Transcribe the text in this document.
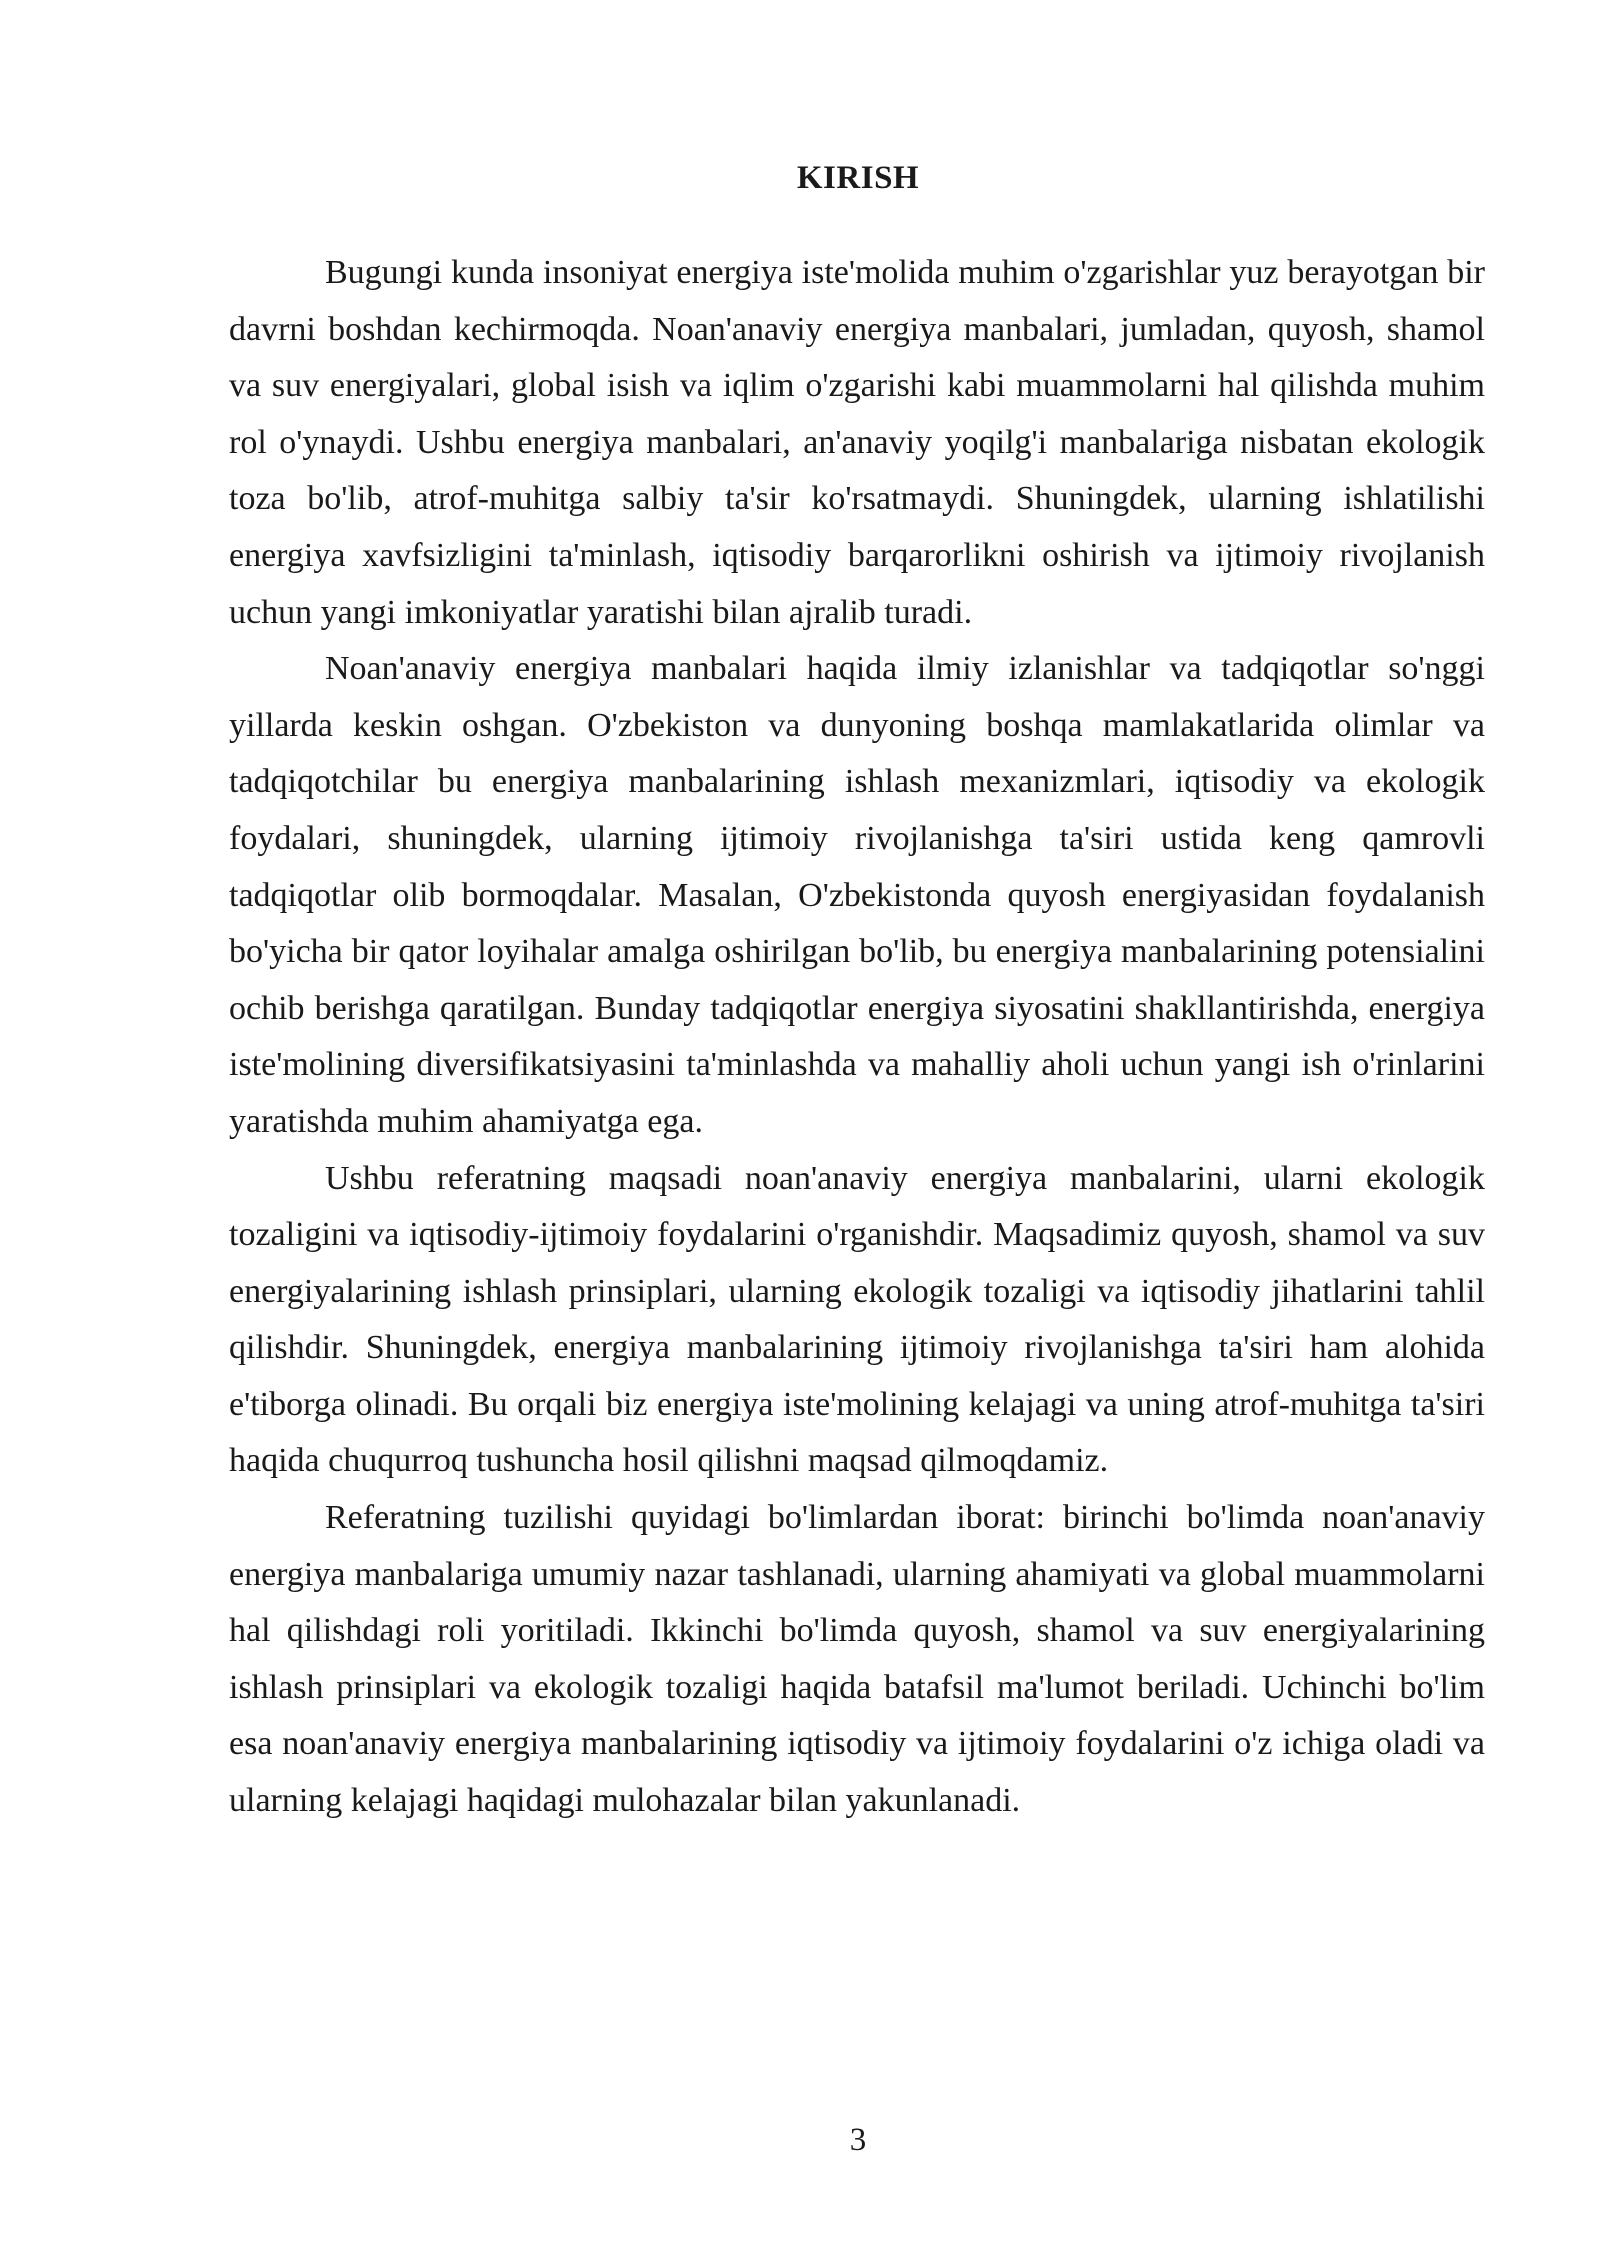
KIRISH

Bugungi kunda insoniyat energiya iste'molida muhim o'zgarishlar yuz berayotgan bir davrni boshdan kechirmoqda. Noan'anaviy energiya manbalari, jumladan, quyosh, shamol va suv energiyalari, global isish va iqlim o'zgarishi kabi muammolarni hal qilishda muhim rol o'ynaydi. Ushbu energiya manbalari, an'anaviy yoqilg'i manbalariga nisbatan ekologik toza bo'lib, atrof-muhitga salbiy ta'sir ko'rsatmaydi. Shuningdek, ularning ishlatilishi energiya xavfsizligini ta'minlash, iqtisodiy barqarorlikni oshirish va ijtimoiy rivojlanish uchun yangi imkoniyatlar yaratishi bilan ajralib turadi.

Noan'anaviy energiya manbalari haqida ilmiy izlanishlar va tadqiqotlar so'nggi yillarda keskin oshgan. O'zbekiston va dunyoning boshqa mamlakatlarida olimlar va tadqiqotchilar bu energiya manbalarining ishlash mexanizmlari, iqtisodiy va ekologik foydalari, shuningdek, ularning ijtimoiy rivojlanishga ta'siri ustida keng qamrovli tadqiqotlar olib bormoqdalar. Masalan, O'zbekistonda quyosh energiyasidan foydalanish bo'yicha bir qator loyihalar amalga oshirilgan bo'lib, bu energiya manbalarining potensialini ochib berishga qaratilgan. Bunday tadqiqotlar energiya siyosatini shakllantirishda, energiya iste'molining diversifikatsiyasini ta'minlashda va mahalliy aholi uchun yangi ish o'rinlarini yaratishda muhim ahamiyatga ega.

Ushbu referatning maqsadi noan'anaviy energiya manbalarini, ularni ekologik tozaligini va iqtisodiy-ijtimoiy foydalarini o'rganishdir. Maqsadimiz quyosh, shamol va suv energiyalarining ishlash prinsiplari, ularning ekologik tozaligi va iqtisodiy jihatlarini tahlil qilishdir. Shuningdek, energiya manbalarining ijtimoiy rivojlanishga ta'siri ham alohida e'tiborga olinadi. Bu orqali biz energiya iste'molining kelajagi va uning atrof-muhitga ta'siri haqida chuqurroq tushuncha hosil qilishni maqsad qilmoqdamiz.

Referatning tuzilishi quyidagi bo'limlardan iborat: birinchi bo'limda noan'anaviy energiya manbalariga umumiy nazar tashlanadi, ularning ahamiyati va global muammolarni hal qilishdagi roli yoritiladi. Ikkinchi bo'limda quyosh, shamol va suv energiyalarining ishlash prinsiplari va ekologik tozaligi haqida batafsil ma'lumot beriladi. Uchinchi bo'lim esa noan'anaviy energiya manbalarining iqtisodiy va ijtimoiy foydalarini o'z ichiga oladi va ularning kelajagi haqidagi mulohazalar bilan yakunlanadi.

3
